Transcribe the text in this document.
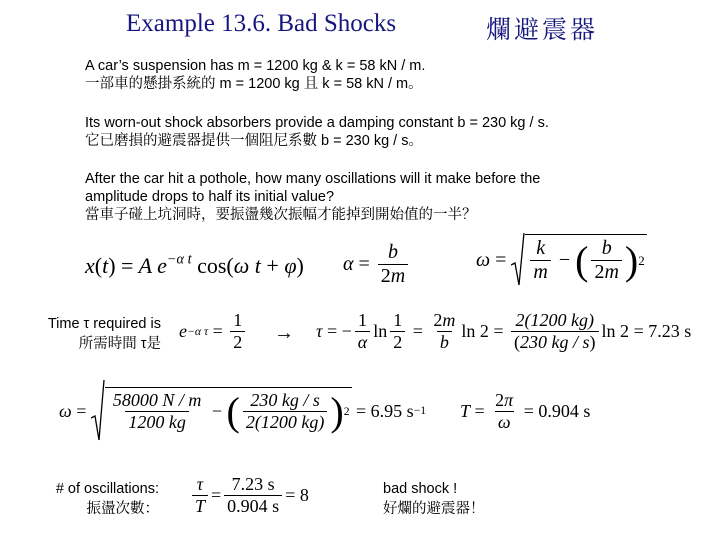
Example 13.6. Bad Shocks	爛避震器
A car’s suspension has m = 1200 kg & k = 58 kN / m.
一部車的懸掛系統的 m = 1200 kg 且 k = 58 kN / m。
Its worn-out shock absorbers provide a damping constant b = 230 kg / s.
它已磨損的避震器提供一個阻尼系數 b = 230 kg / s。
After the car hit a pothole, how many oscillations will it make before the
amplitude drops to half its initial value?
當車子碰上坑洞時，要振盪幾次振幅才能掉到開始值的一半？
x(t) = A $e^{-\alpha t}$ cos(ω t + φ) $\alpha = \frac{b}{2m}$	$\omega = \frac{k}{m}$ − ( $\frac{b}{2m}$ ) 2
Time τ required is
所需時間 τ是
e −α $\tau = \frac{1}{2} \to \tau$ = − $\frac{1}{\alpha}$ $\ln \frac{1}{2} = \frac{2m}{b}$ $\ln 2 = \frac{2(1200 kg)}{(230 kg / s)}$ ln 2 = 7.23 s
$\omega = \frac{58000 N / m}{1200 kg}$ − ( $\frac{230 kg / s}{2(1200 kg)}$ ) 2
= 6.95 s −1 $T = \frac{2\pi}{\omega}$
= 0.904 s
# of oscillations:
振盪次數： $\frac{\tau}{T} = \frac{7.23 s}{0.904 s} = 8$	bad shock !
好爛的避震器！
